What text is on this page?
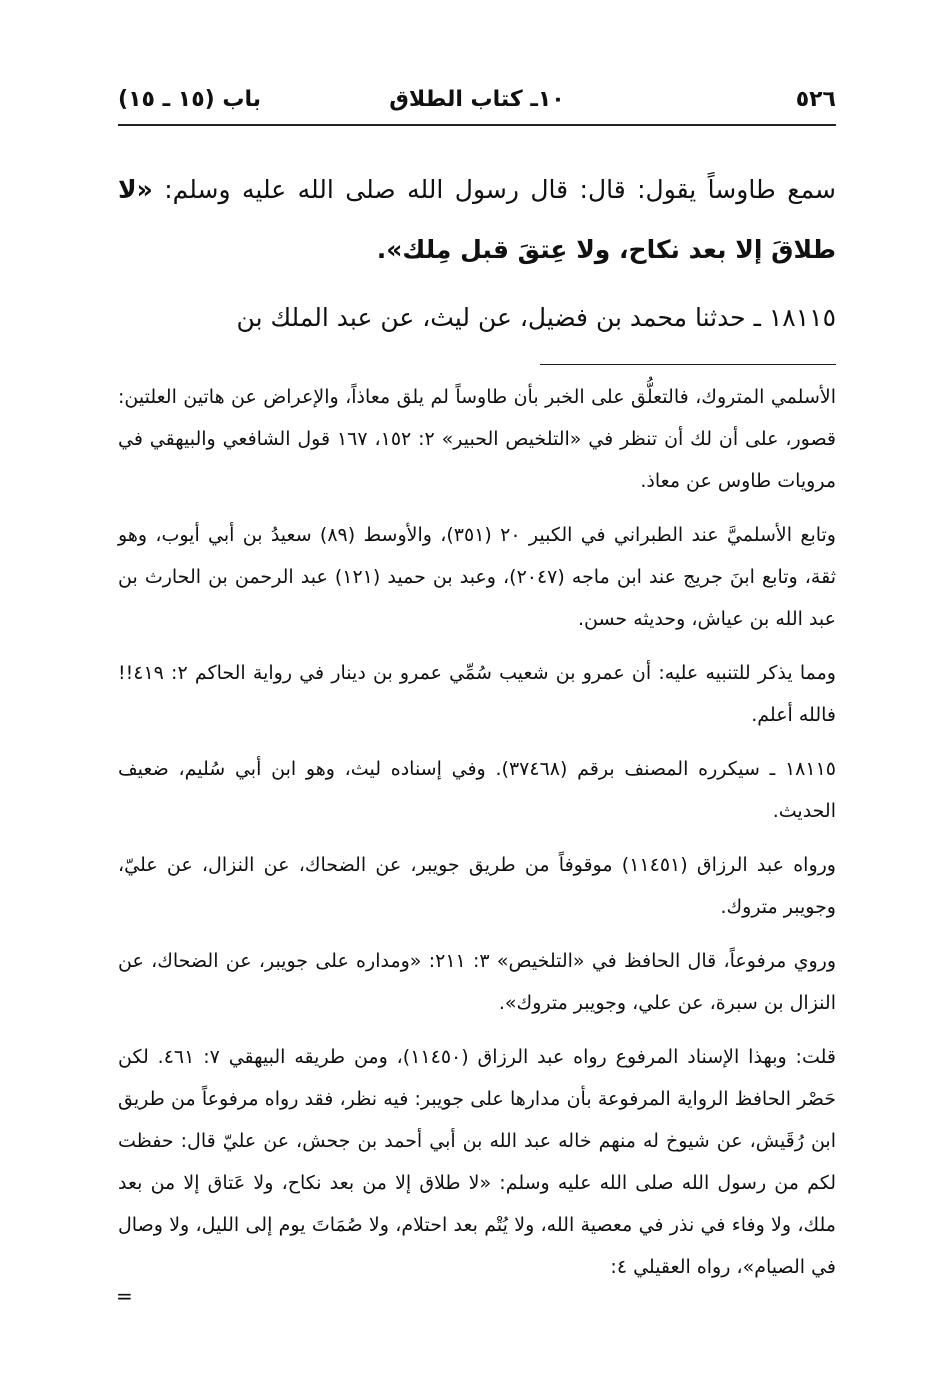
٥٢٦
١٠ـ كتاب الطلاق
باب (١٥ ـ ١٥)

سمع طاوساً يقول: قال: قال رسول الله صلى الله عليه وسلم: «لا طلاقَ إلا بعد نكاح، ولا عِتقَ قبل مِلك».

١٨١١٥ ـ حدثنا محمد بن فضيل، عن ليث، عن عبد الملك بن

الأسلمي المتروك، فالتعلُّق على الخبر بأن طاوساً لم يلق معاذاً، والإعراض عن هاتين العلتين: قصور، على أن لك أن تنظر في «التلخيص الحبير» ٢: ١٥٢، ١٦٧ قول الشافعي والبيهقي في مرويات طاوس عن معاذ.

وتابع الأسلميَّ عند الطبراني في الكبير ٢٠ (٣٥١)، والأوسط (٨٩) سعيدُ بن أبي أيوب، وهو ثقة، وتابع ابنَ جريج عند ابن ماجه (٢٠٤٧)، وعبد بن حميد (١٢١) عبد الرحمن بن الحارث بن عبد الله بن عياش، وحديثه حسن.

ومما يذكر للتنبيه عليه: أن عمرو بن شعيب سُمِّي عمرو بن دينار في رواية الحاكم ٢: ٤١٩!! فالله أعلم.

١٨١١٥ ـ سيكرره المصنف برقم (٣٧٤٦٨). وفي إسناده ليث، وهو ابن أبي سُليم، ضعيف الحديث.

ورواه عبد الرزاق (١١٤٥١) موقوفاً من طريق جويبر، عن الضحاك، عن النزال، عن عليّ، وجويبر متروك.

وروي مرفوعاً، قال الحافظ في «التلخيص» ٣: ٢١١: «ومداره على جويبر، عن الضحاك، عن النزال بن سبرة، عن علي، وجويبر متروك».

قلت: وبهذا الإسناد المرفوع رواه عبد الرزاق (١١٤٥٠)، ومن طريقه البيهقي ٧: ٤٦١. لكن حَصْر الحافظ الرواية المرفوعة بأن مدارها على جويبر: فيه نظر، فقد رواه مرفوعاً من طريق ابن رُقَيش، عن شيوخ له منهم خاله عبد الله بن أبي أحمد بن جحش، عن عليّ قال: حفظت لكم من رسول الله صلى الله عليه وسلم: «لا طلاق إلا من بعد نكاح، ولا عَتاق إلا من بعد ملك، ولا وفاء في نذر في معصية الله، ولا يُتْم بعد احتلام، ولا صُمَاتَ يوم إلى الليل، ولا وصال في الصيام»، رواه العقيلي ٤:

=
